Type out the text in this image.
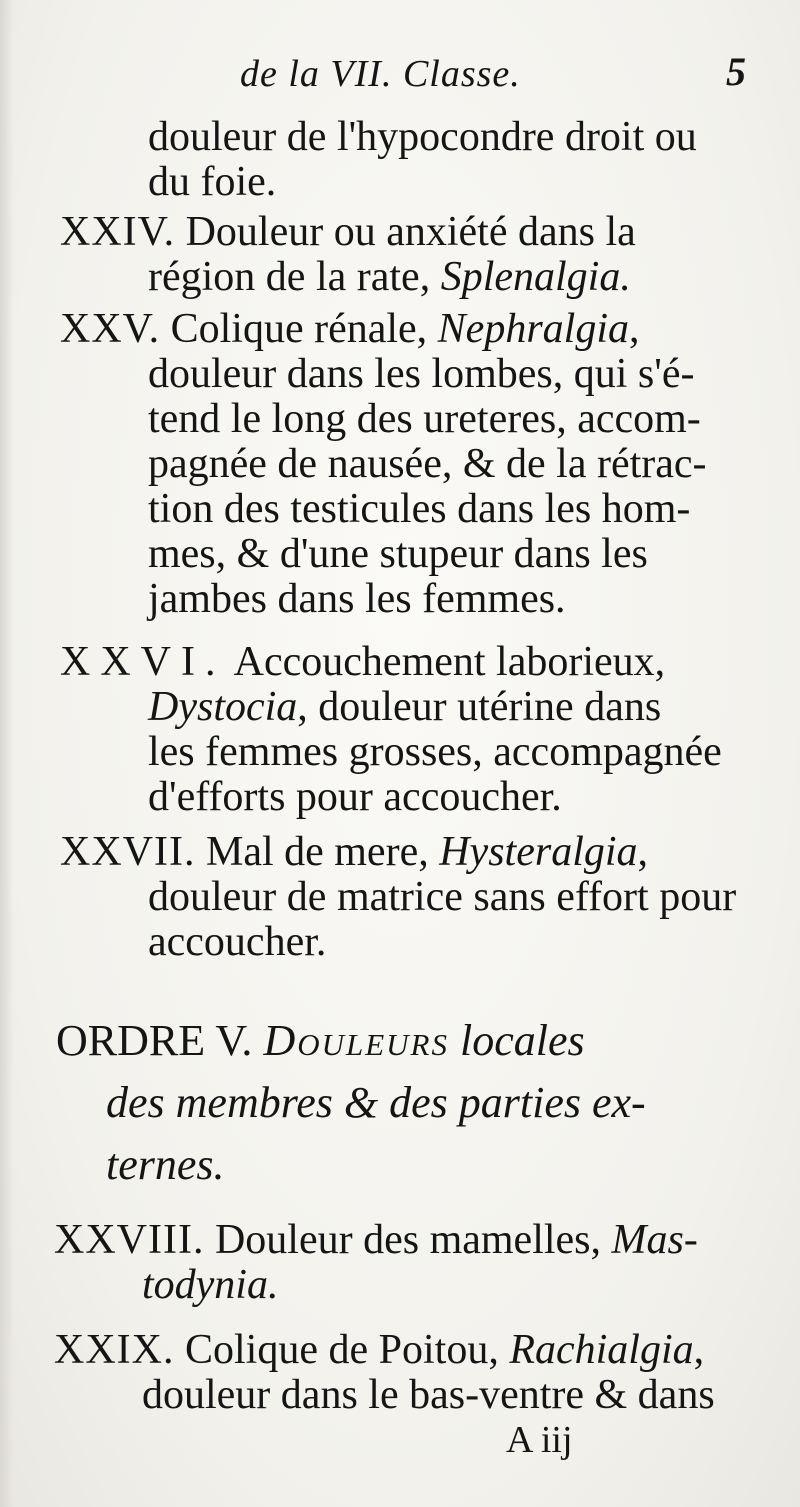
de la VII. Classe.	5
douleur de l'hypocondre droit ou
du foie.
XXIV. Douleur ou anxiété dans la
région de la rate, Splenalgia.
XXV. Colique rénale, Nephralgia,
douleur dans les lombes, qui s'é-
tend le long des ureteres, accom-
pagnée de nausée, & de la rétrac-
tion des testicules dans les hom-
mes, & d'une stupeur dans les
jambes dans les femmes.
XXVI. Accouchement laborieux,
Dystocia, douleur utérine dans
les femmes grosses, accompagnée
d'efforts pour accoucher.
XXVII. Mal de mere, Hysteralgia,
douleur de matrice sans effort pour
accoucher.
ORDRE V. Douleurs locales
des membres & des parties ex-
ternes.
XXVIII. Douleur des mamelles, Mas-
todynia.
XXIX. Colique de Poitou, Rachialgia,
douleur dans le bas-ventre & dans
A iij
